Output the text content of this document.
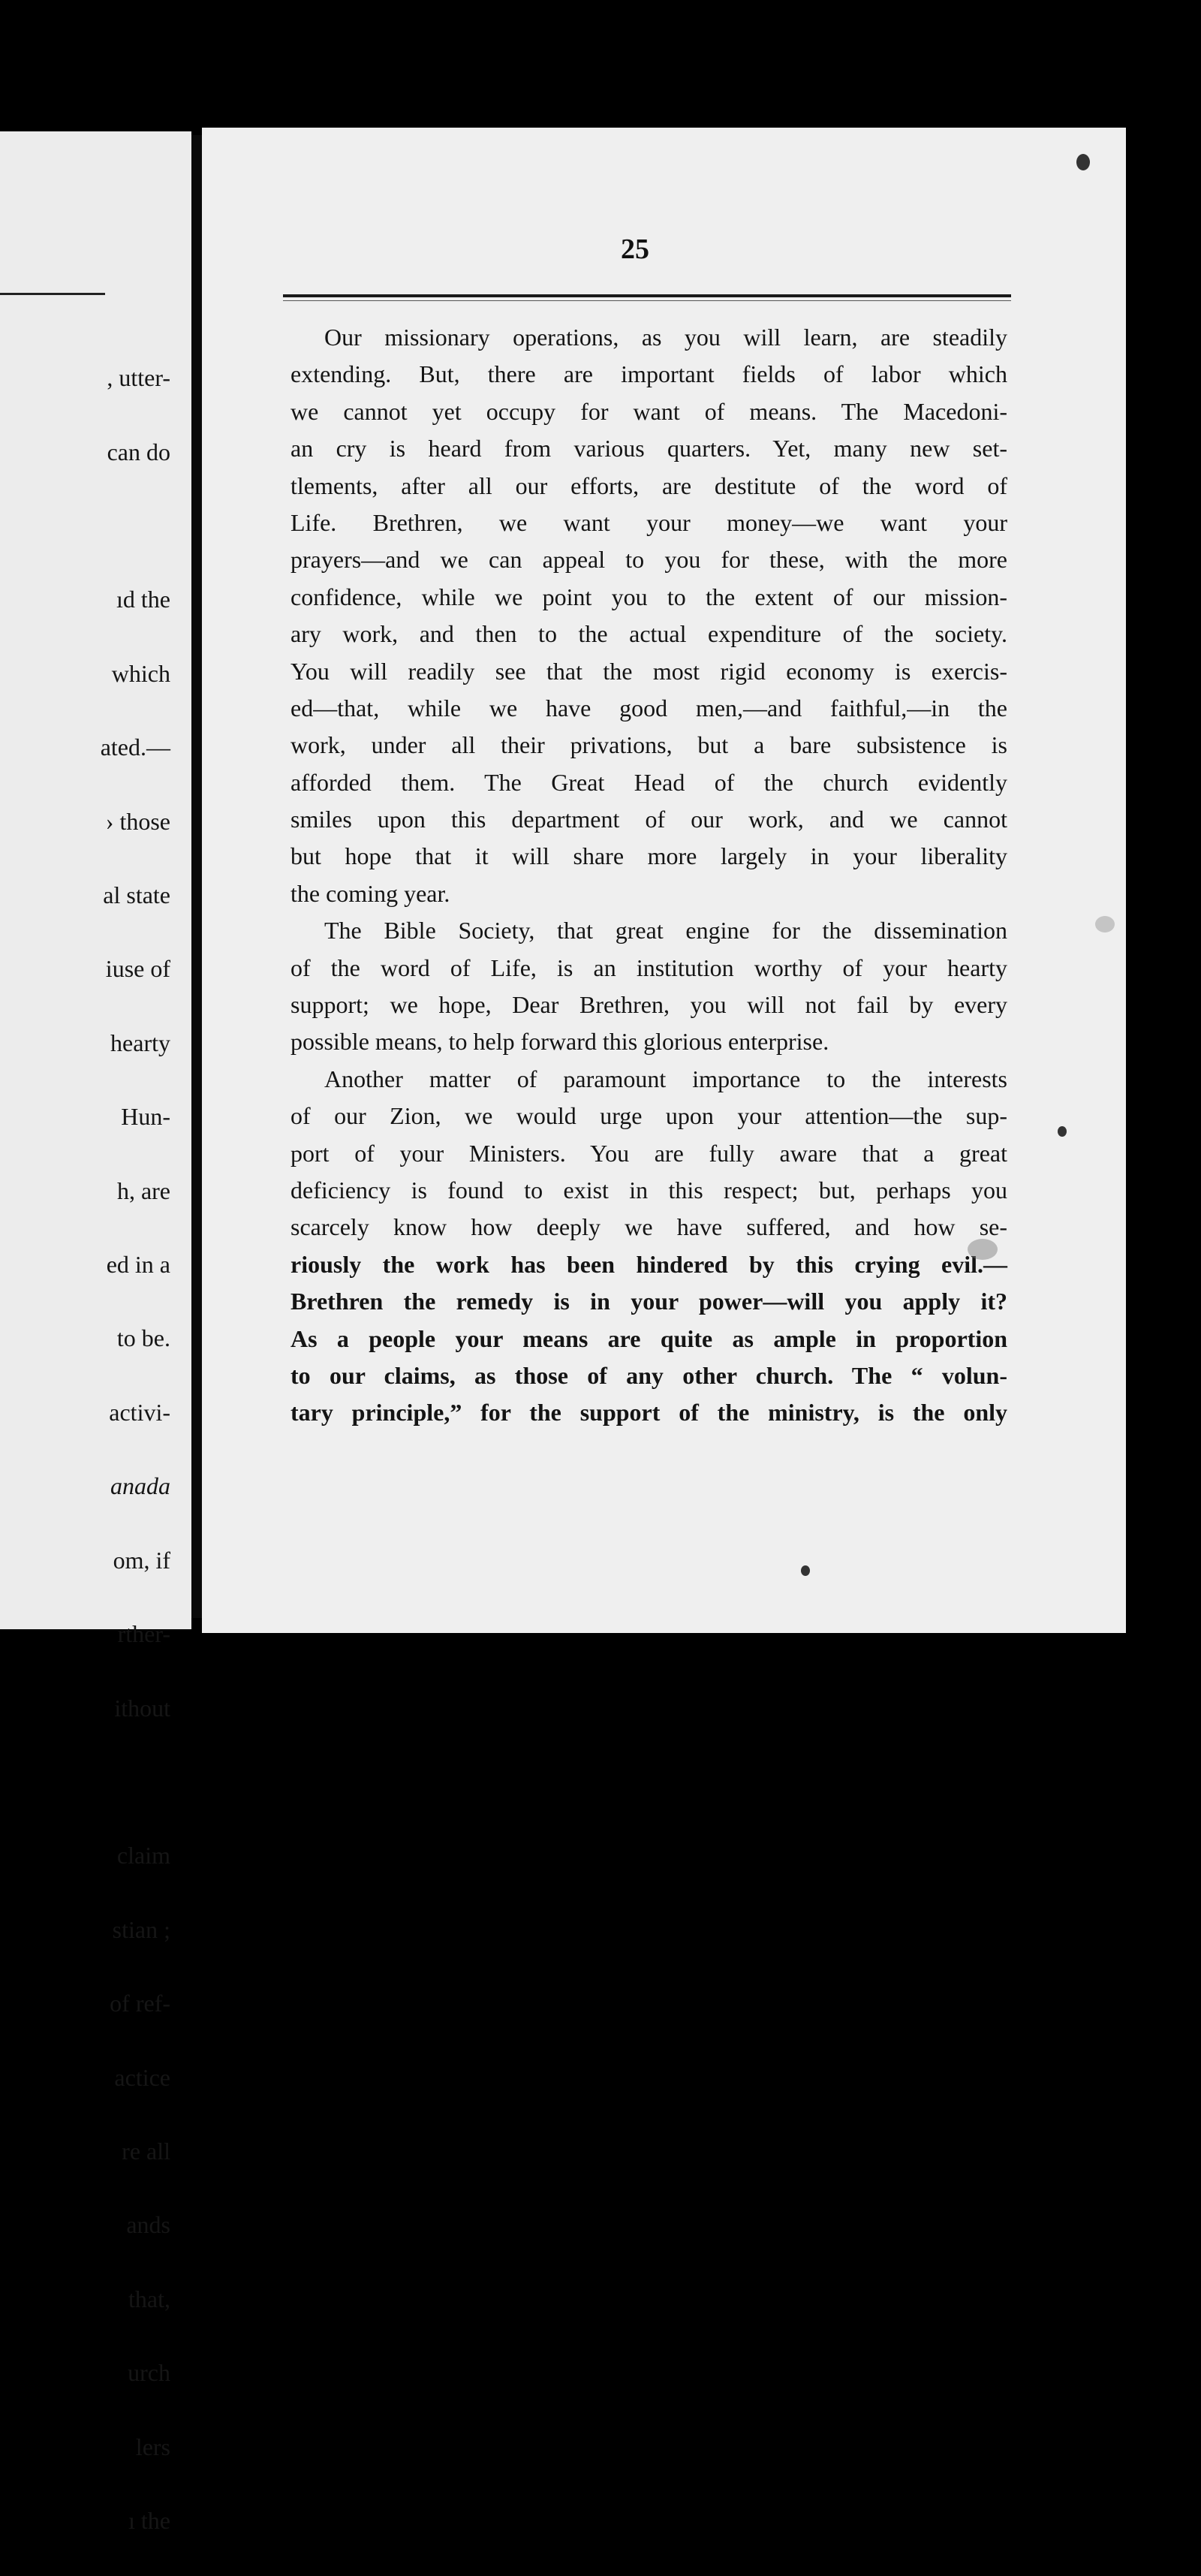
, utter-

can do

ıd the

which

ated.—

› those

al state

iuse of

hearty

Hun-

h, are

ed in a

to be.

activi-

anada

om, if

rther-

ithout

claim

stian ;

of ref-

actice

re all

ands

that,

urch

lers

ı the

25
Our missionary operations, as you will learn, are steadily
extending. But, there are important fields of labor which
we cannot yet occupy for want of means. The Macedoni-
an cry is heard from various quarters. Yet, many new set-
tlements, after all our efforts, are destitute of the word of
Life. Brethren, we want your money—we want your
prayers—and we can appeal to you for these, with the more
confidence, while we point you to the extent of our mission-
ary work, and then to the actual expenditure of the society.
You will readily see that the most rigid economy is exercis-
ed—that, while we have good men,—and faithful,—in the
work, under all their privations, but a bare subsistence is
afforded them. The Great Head of the church evidently
smiles upon this department of our work, and we cannot
but hope that it will share more largely in your liberality
the coming year.
The Bible Society, that great engine for the dissemination
of the word of Life, is an institution worthy of your hearty
support; we hope, Dear Brethren, you will not fail by every
possible means, to help forward this glorious enterprise.
Another matter of paramount importance to the interests
of our Zion, we would urge upon your attention—the sup-
port of your Ministers. You are fully aware that a great
deficiency is found to exist in this respect; but, perhaps you
scarcely know how deeply we have suffered, and how se-
riously the work has been hindered by this crying evil.—
Brethren the remedy is in your power—will you apply it?
As a people your means are quite as ample in proportion
to our claims, as those of any other church. The “ volun-
tary principle,” for the support of the ministry, is the only
